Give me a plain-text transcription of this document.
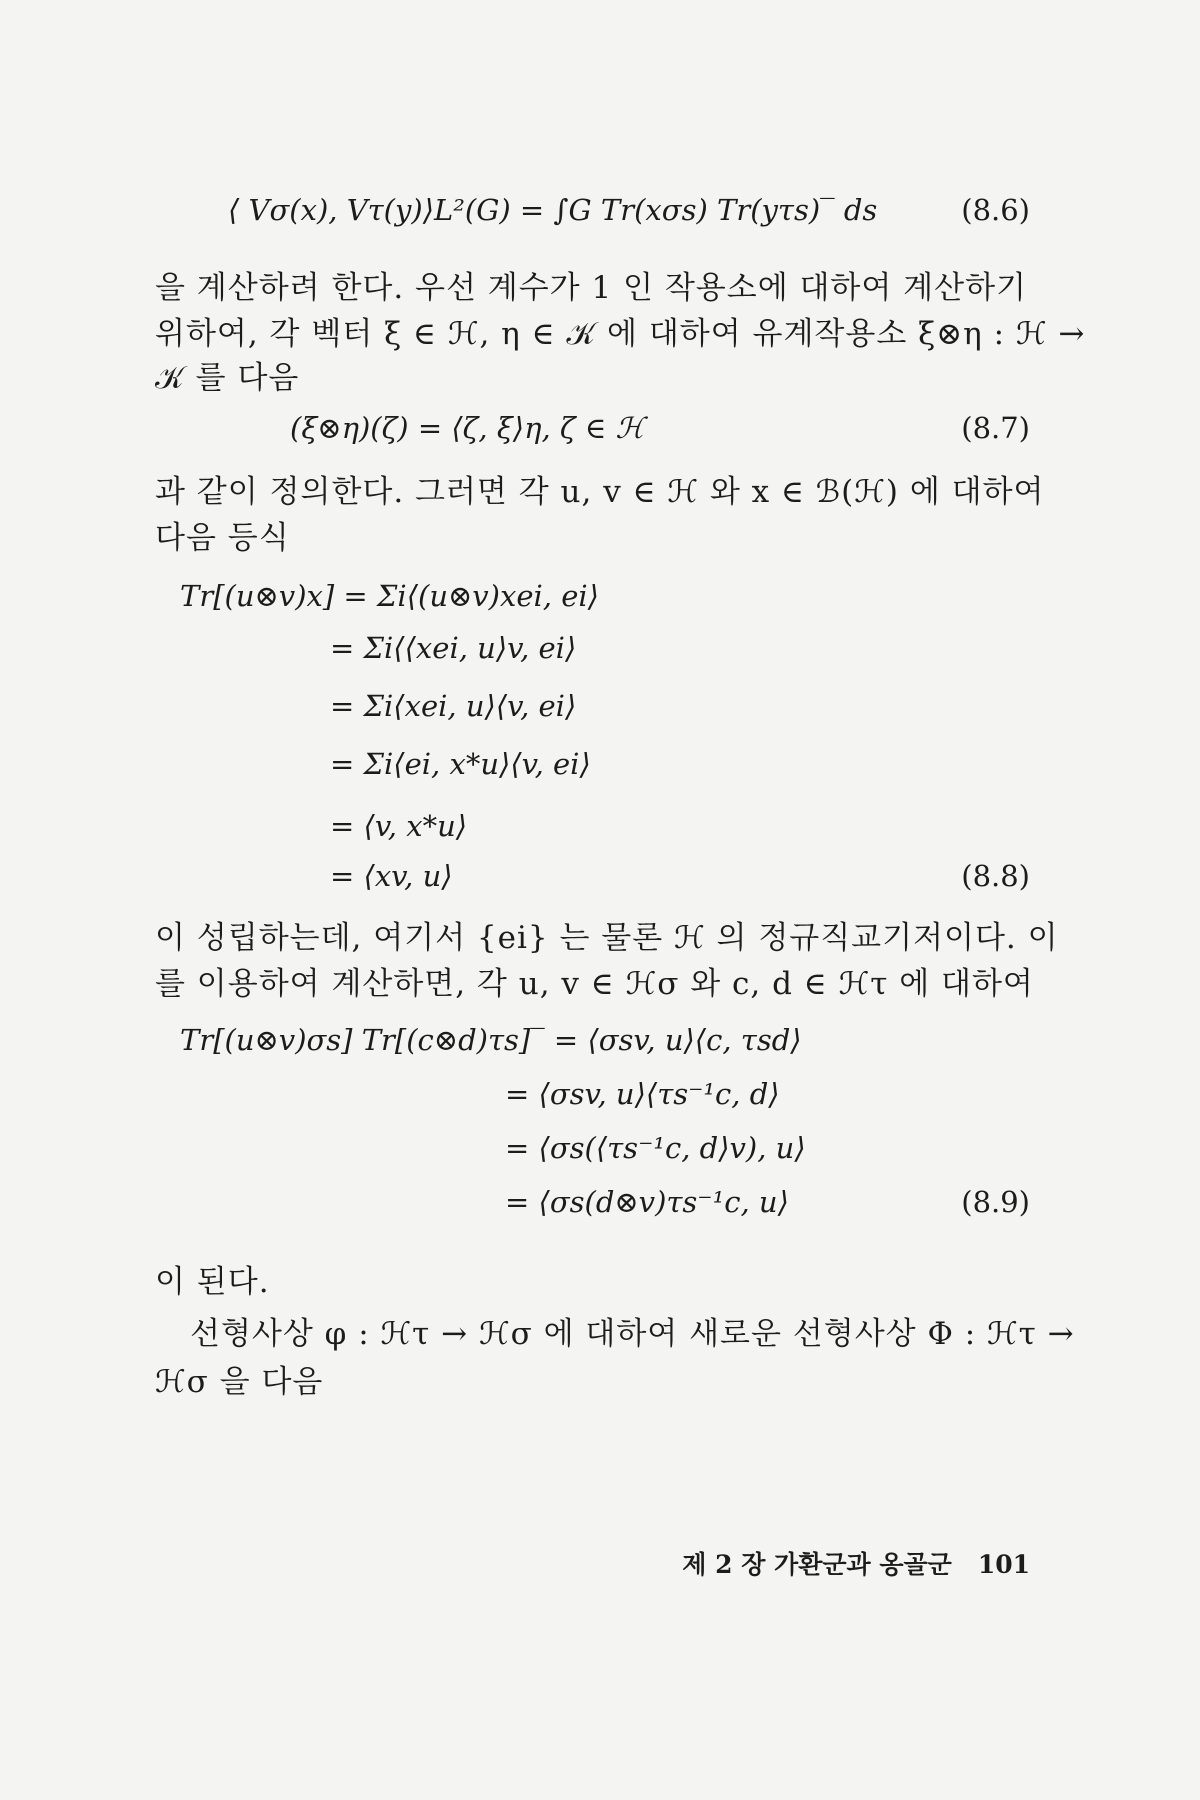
⟨ Vσ(x), Vτ(y)⟩L²(G) = ∫G Tr(xσs) Tr(yτs)‾ ds	(8.6)
을 계산하려 한다. 우선 계수가 1 인 작용소에 대하여 계산하기
위하여, 각 벡터 ξ ∈ ℋ, η ∈ 𝒦 에 대하여 유계작용소 ξ⊗η : ℋ →
𝒦 를 다음
(ξ⊗η)(ζ) = ⟨ζ, ξ⟩η, ζ ∈ ℋ	(8.7)
과 같이 정의한다. 그러면 각 u, v ∈ ℋ 와 x ∈ ℬ(ℋ) 에 대하여
다음 등식
Tr[(u⊗v)x] = Σi⟨(u⊗v)xei, ei⟩
= Σi⟨⟨xei, u⟩v, ei⟩
= Σi⟨xei, u⟩⟨v, ei⟩
= Σi⟨ei, x*u⟩⟨v, ei⟩
= ⟨v, x*u⟩
= ⟨xv, u⟩	(8.8)
이 성립하는데, 여기서 {ei} 는 물론 ℋ 의 정규직교기저이다. 이
를 이용하여 계산하면, 각 u, v ∈ ℋσ 와 c, d ∈ ℋτ 에 대하여
Tr[(u⊗v)σs] Tr[(c⊗d)τs]‾ = ⟨σsv, u⟩⟨c, τsd⟩
= ⟨σsv, u⟩⟨τs⁻¹c, d⟩
= ⟨σs(⟨τs⁻¹c, d⟩v), u⟩
= ⟨σs(d⊗v)τs⁻¹c, u⟩	(8.9)
이 된다.
선형사상 φ : ℋτ → ℋσ 에 대하여 새로운 선형사상 Φ : ℋτ →
ℋσ 을 다음
제 2 장 가환군과 옹골군 101
